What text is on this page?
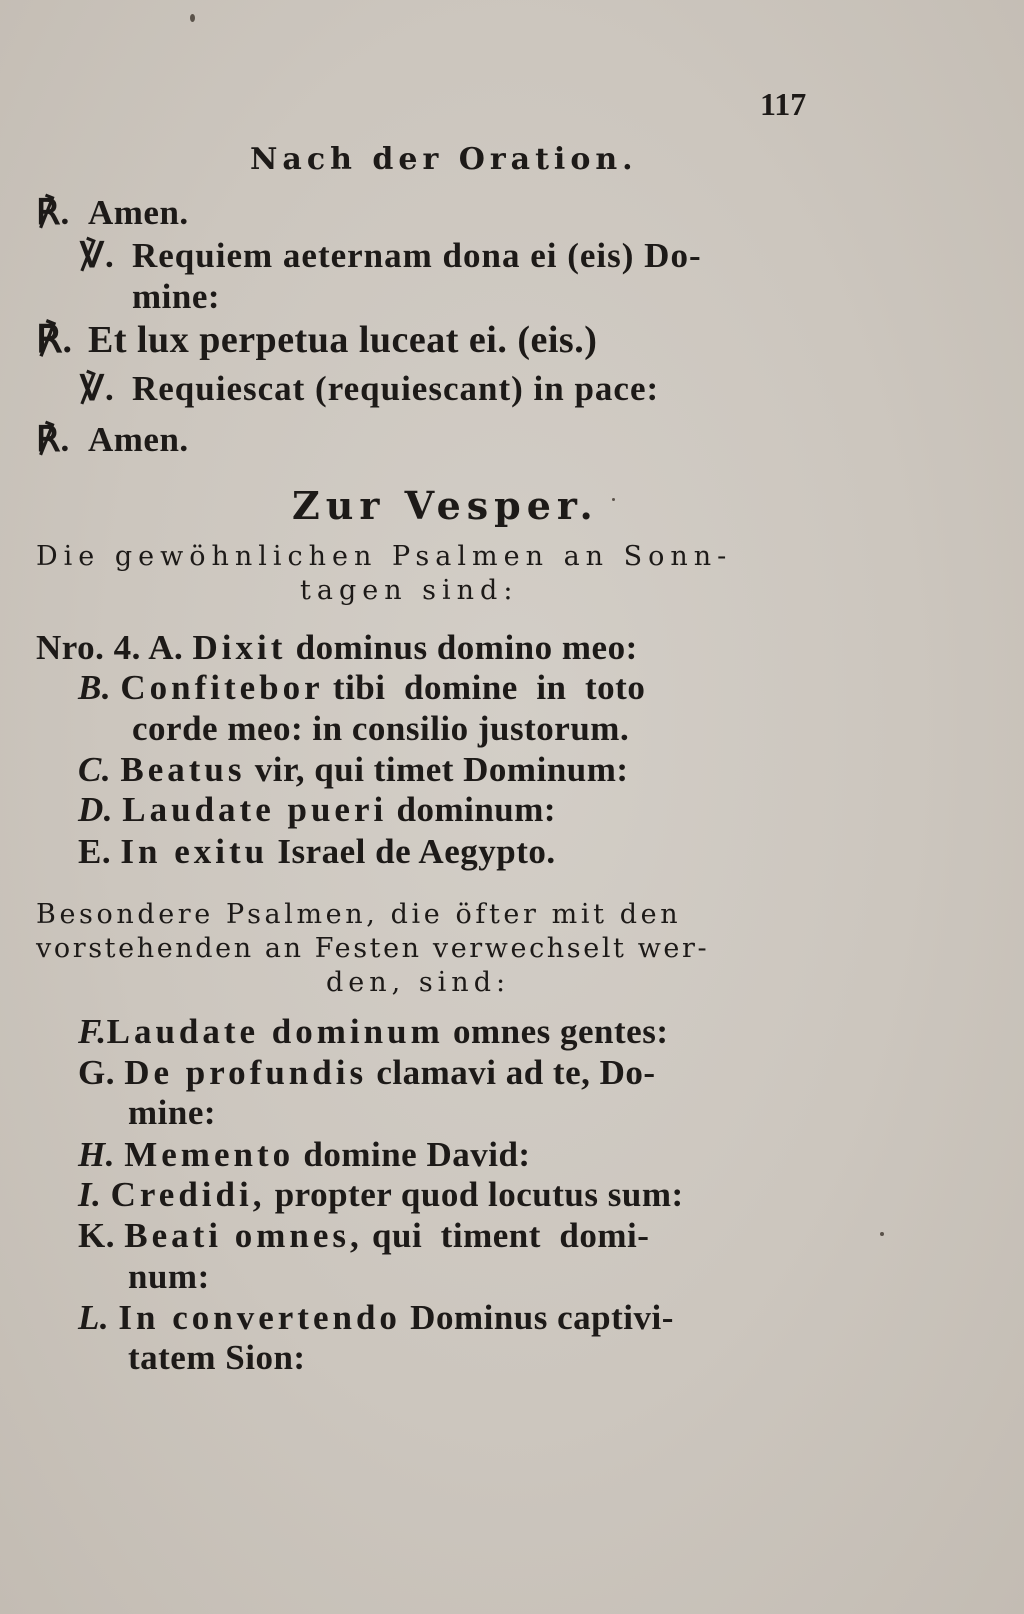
117
Nach der Oration.
℟. Amen.
℣. Requiem aeternam dona ei (eis) Do-
mine:
℟. Et lux perpetua luceat ei. (eis.)
℣. Requiescat (requiescant) in pace:
℟. Amen.
Zur Vesper.
Die gewöhnlichen Psalmen an Sonn-
tagen sind:
Nro. 4. A. Dixit dominus domino meo:
B. Confitebor tibi  domine  in  toto
corde meo: in consilio justorum.
C. Beatus vir, qui timet Dominum:
D. Laudate pueri dominum:
E. In exitu Israel de Aegypto.
Besondere Psalmen, die öfter mit den
vorstehenden an Festen verwechselt wer-
den, sind:
F.Laudate dominum omnes gentes:
G. De profundis clamavi ad te, Do-
mine:
H. Memento domine David:
I. Credidi, propter quod locutus sum:
K. Beati omnes, qui  timent  domi-
num:
L. In convertendo Dominus captivi-
tatem Sion:
